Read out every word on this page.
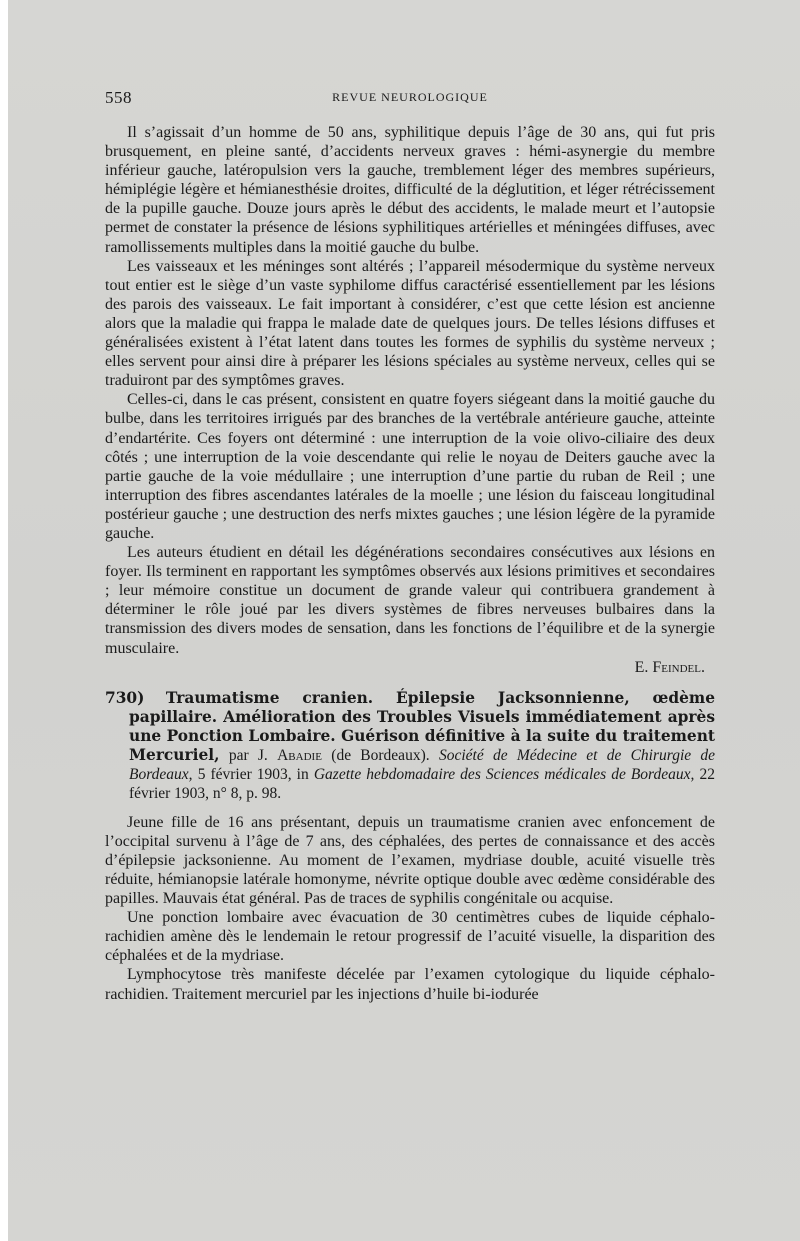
558	REVUE NEUROLOGIQUE

Il s’agissait d’un homme de 50 ans, syphilitique depuis l’âge de 30 ans, qui fut pris brusquement, en pleine santé, d’accidents nerveux graves : hémi-asynergie du membre inférieur gauche, latéropulsion vers la gauche, tremblement léger des membres supérieurs, hémiplégie légère et hémianesthésie droites, difficulté de la déglutition, et léger rétrécissement de la pupille gauche. Douze jours après le début des accidents, le malade meurt et l’autopsie permet de constater la présence de lésions syphilitiques artérielles et méningées diffuses, avec ramollissements multiples dans la moitié gauche du bulbe.

Les vaisseaux et les méninges sont altérés ; l’appareil mésodermique du système nerveux tout entier est le siège d’un vaste syphilome diffus caractérisé essentiellement par les lésions des parois des vaisseaux. Le fait important à considérer, c’est que cette lésion est ancienne alors que la maladie qui frappa le malade date de quelques jours. De telles lésions diffuses et généralisées existent à l’état latent dans toutes les formes de syphilis du système nerveux ; elles servent pour ainsi dire à préparer les lésions spéciales au système nerveux, celles qui se traduiront par des symptômes graves.

Celles-ci, dans le cas présent, consistent en quatre foyers siégeant dans la moitié gauche du bulbe, dans les territoires irrigués par des branches de la vertébrale antérieure gauche, atteinte d’endartérite. Ces foyers ont déterminé : une interruption de la voie olivo-ciliaire des deux côtés ; une interruption de la voie descendante qui relie le noyau de Deiters gauche avec la partie gauche de la voie médullaire ; une interruption d’une partie du ruban de Reil ; une interruption des fibres ascendantes latérales de la moelle ; une lésion du faisceau longitudinal postérieur gauche ; une destruction des nerfs mixtes gauches ; une lésion légère de la pyramide gauche.

Les auteurs étudient en détail les dégénérations secondaires consécutives aux lésions en foyer. Ils terminent en rapportant les symptômes observés aux lésions primitives et secondaires ; leur mémoire constitue un document de grande valeur qui contribuera grandement à déterminer le rôle joué par les divers systèmes de fibres nerveuses bulbaires dans la transmission des divers modes de sensation, dans les fonctions de l’équilibre et de la synergie musculaire.

E. Feindel.

730) Traumatisme cranien. Épilepsie Jacksonnienne, œdème papillaire. Amélioration des Troubles Visuels immédiatement après une Ponction Lombaire. Guérison définitive à la suite du traitement Mercuriel, par J. Abadie (de Bordeaux). Société de Médecine et de Chirurgie de Bordeaux, 5 février 1903, in Gazette hebdomadaire des Sciences médicales de Bordeaux, 22 février 1903, n° 8, p. 98.

Jeune fille de 16 ans présentant, depuis un traumatisme cranien avec enfoncement de l’occipital survenu à l’âge de 7 ans, des céphalées, des pertes de connaissance et des accès d’épilepsie jacksonienne. Au moment de l’examen, mydriase double, acuité visuelle très réduite, hémianopsie latérale homonyme, névrite optique double avec œdème considérable des papilles. Mauvais état général. Pas de traces de syphilis congénitale ou acquise.

Une ponction lombaire avec évacuation de 30 centimètres cubes de liquide céphalo-rachidien amène dès le lendemain le retour progressif de l’acuité visuelle, la disparition des céphalées et de la mydriase.

Lymphocytose très manifeste décelée par l’examen cytologique du liquide céphalo-rachidien. Traitement mercuriel par les injections d’huile bi-iodurée
